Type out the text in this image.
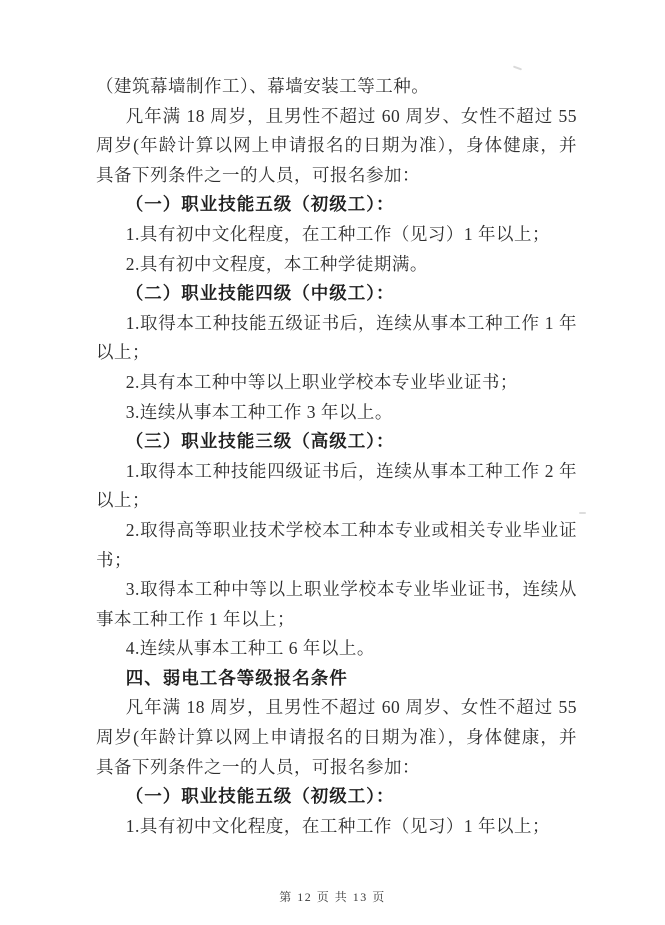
（建筑幕墙制作工）、幕墙安装工等工种。

凡年满 18 周岁，且男性不超过 60 周岁、女性不超过 55 周岁(年龄计算以网上申请报名的日期为准），身体健康，并具备下列条件之一的人员，可报名参加：

（一）职业技能五级（初级工）：

1.具有初中文化程度，在工种工作（见习）1 年以上；

2.具有初中文程度，本工种学徒期满。

（二）职业技能四级（中级工）：

1.取得本工种技能五级证书后，连续从事本工种工作 1 年以上；

2.具有本工种中等以上职业学校本专业毕业证书；

3.连续从事本工种工作 3 年以上。

（三）职业技能三级（高级工）：

1.取得本工种技能四级证书后，连续从事本工种工作 2 年以上；

2.取得高等职业技术学校本工种本专业或相关专业毕业证书；

3.取得本工种中等以上职业学校本专业毕业证书，连续从事本工种工作 1 年以上；

4.连续从事本工种工 6 年以上。

四、弱电工各等级报名条件

凡年满 18 周岁，且男性不超过 60 周岁、女性不超过 55 周岁(年龄计算以网上申请报名的日期为准），身体健康，并具备下列条件之一的人员，可报名参加：

（一）职业技能五级（初级工）：

1.具有初中文化程度，在工种工作（见习）1 年以上；

第 12 页 共 13 页
